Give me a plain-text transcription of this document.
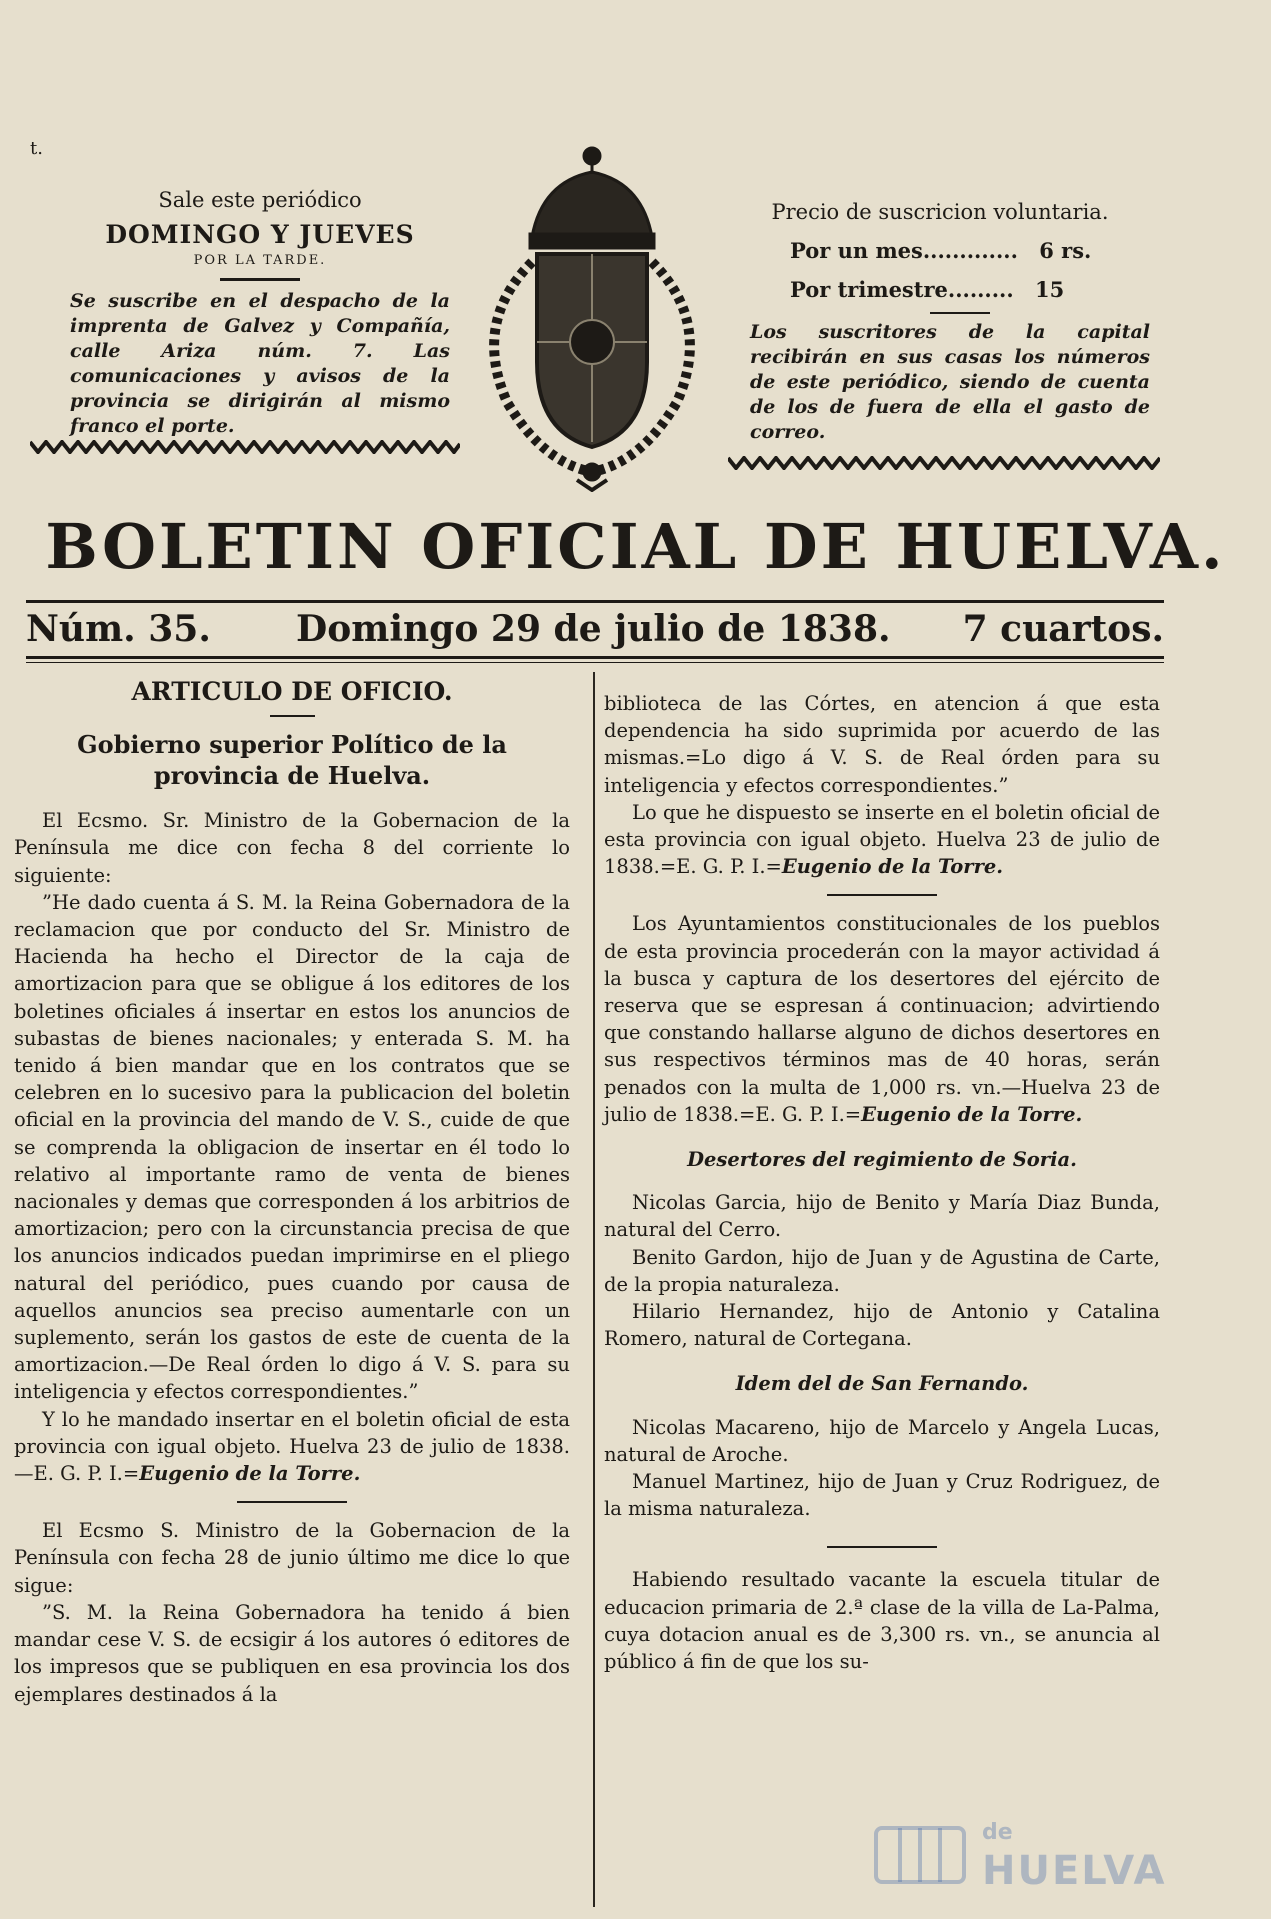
t.
Sale este periódico
DOMINGO Y JUEVES
POR LA TARDE.
Se suscribe en el despacho de la imprenta de Galvez y Compañía, calle Ariza núm. 7. Las comunicaciones y avisos de la provincia se dirigirán al mismo franco el porte.
Precio de suscricion voluntaria.
Por un mes............. 6 rs.
Por trimestre......... 15
Los suscritores de la capital recibirán en sus casas los números de este periódico, siendo de cuenta de los de fuera de ella el gasto de correo.
BOLETIN OFICIAL DE HUELVA.
Núm. 35. Domingo 29 de julio de 1838. 7 cuartos.

ARTICULO DE OFICIO.

Gobierno superior Político de la provincia de Huelva.

El Ecsmo. Sr. Ministro de la Gobernacion de la Península me dice con fecha 8 del corriente lo siguiente:

”He dado cuenta á S. M. la Reina Gobernadora de la reclamacion que por conducto del Sr. Ministro de Hacienda ha hecho el Director de la caja de amortizacion para que se obligue á los editores de los boletines oficiales á insertar en estos los anuncios de subastas de bienes nacionales; y enterada S. M. ha tenido á bien mandar que en los contratos que se celebren en lo sucesivo para la publicacion del boletin oficial en la provincia del mando de V. S., cuide de que se comprenda la obligacion de insertar en él todo lo relativo al importante ramo de venta de bienes nacionales y demas que corresponden á los arbitrios de amortizacion; pero con la circunstancia precisa de que los anuncios indicados puedan imprimirse en el pliego natural del periódico, pues cuando por causa de aquellos anuncios sea preciso aumentarle con un suplemento, serán los gastos de este de cuenta de la amortizacion.—De Real órden lo digo á V. S. para su inteligencia y efectos correspondientes.”

Y lo he mandado insertar en el boletin oficial de esta provincia con igual objeto. Huelva 23 de julio de 1838.—E. G. P. I.=Eugenio de la Torre.

El Ecsmo S. Ministro de la Gobernacion de la Península con fecha 28 de junio último me dice lo que sigue:

”S. M. la Reina Gobernadora ha tenido á bien mandar cese V. S. de ecsigir á los autores ó editores de los impresos que se publiquen en esa provincia los dos ejemplares destinados á la

biblioteca de las Córtes, en atencion á que esta dependencia ha sido suprimida por acuerdo de las mismas.=Lo digo á V. S. de Real órden para su inteligencia y efectos correspondientes.”

Lo que he dispuesto se inserte en el boletin oficial de esta provincia con igual objeto. Huelva 23 de julio de 1838.=E. G. P. I.=Eugenio de la Torre.

Los Ayuntamientos constitucionales de los pueblos de esta provincia procederán con la mayor actividad á la busca y captura de los desertores del ejército de reserva que se espresan á continuacion; advirtiendo que constando hallarse alguno de dichos desertores en sus respectivos términos mas de 40 horas, serán penados con la multa de 1,000 rs. vn.—Huelva 23 de julio de 1838.=E. G. P. I.=Eugenio de la Torre.

Desertores del regimiento de Soria.

Nicolas Garcia, hijo de Benito y María Diaz Bunda, natural del Cerro.

Benito Gardon, hijo de Juan y de Agustina de Carte, de la propia naturaleza.

Hilario Hernandez, hijo de Antonio y Catalina Romero, natural de Cortegana.

Idem del de San Fernando.

Nicolas Macareno, hijo de Marcelo y Angela Lucas, natural de Aroche.

Manuel Martinez, hijo de Juan y Cruz Rodriguez, de la misma naturaleza.

Habiendo resultado vacante la escuela titular de educacion primaria de 2.ª clase de la villa de La-Palma, cuya dotacion anual es de 3,300 rs. vn., se anuncia al público á fin de que los su-

de
HUELVA
